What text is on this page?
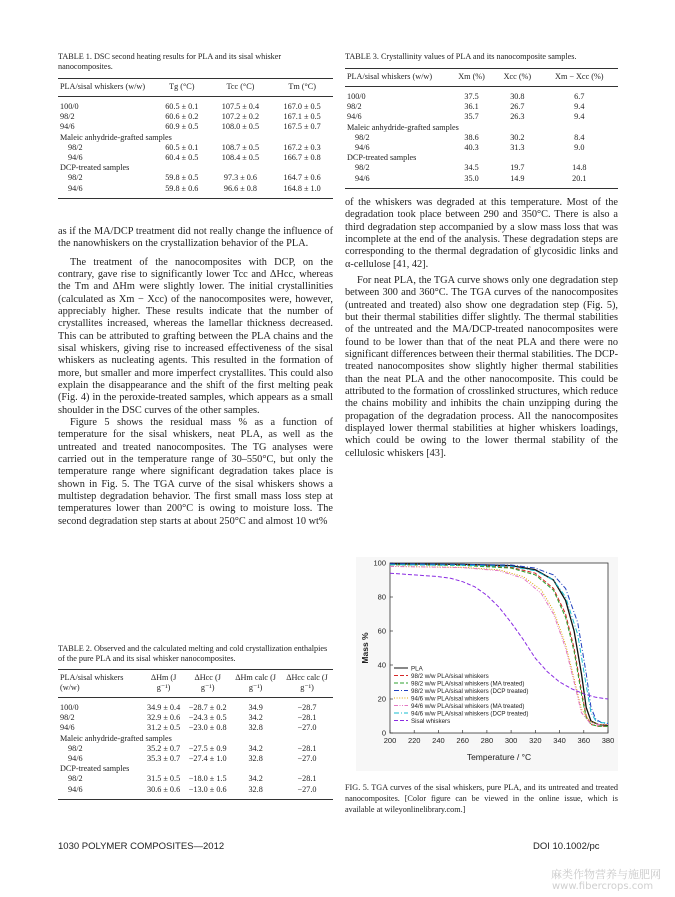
TABLE 1. DSC second heating results for PLA and its sisal whisker nanocomposites.
PLA/sisal whiskers (w/w)	Tg (°C)	Tcc (°C)	Tm (°C)
100/0	60.5 ± 0.1	107.5 ± 0.4	167.0 ± 0.5
98/2	60.6 ± 0.2	107.2 ± 0.2	167.1 ± 0.5
94/6	60.9 ± 0.5	108.0 ± 0.5	167.5 ± 0.7
Maleic anhydride-grafted samples			
98/2	60.5 ± 0.1	108.7 ± 0.5	167.2 ± 0.3
94/6	60.4 ± 0.5	108.4 ± 0.5	166.7 ± 0.8
DCP-treated samples			
98/2	59.8 ± 0.5	97.3 ± 0.6	164.7 ± 0.6
94/6	59.8 ± 0.6	96.6 ± 0.8	164.8 ± 1.0

as if the MA/DCP treatment did not really change the influence of the nanowhiskers on the crystallization behavior of the PLA.

The treatment of the nanocomposites with DCP, on the contrary, gave rise to significantly lower Tcc and ΔHcc, whereas the Tm and ΔHm were slightly lower. The initial crystallinities (calculated as Xm − Xcc) of the nanocomposites were, however, appreciably higher. These results indicate that the number of crystallites increased, whereas the lamellar thickness decreased. This can be attributed to grafting between the PLA chains and the sisal whiskers, giving rise to increased effectiveness of the sisal whiskers as nucleating agents. This resulted in the formation of more, but smaller and more imperfect crystallites. This could also explain the disappearance and the shift of the first melting peak (Fig. 4) in the peroxide-treated samples, which appears as a small shoulder in the DSC curves of the other samples.

Figure 5 shows the residual mass % as a function of temperature for the sisal whiskers, neat PLA, as well as the untreated and treated nanocomposites. The TG analyses were carried out in the temperature range of 30–550°C, but only the temperature range where significant degradation takes place is shown in Fig. 5. The TGA curve of the sisal whiskers shows a multistep degradation behavior. The first small mass loss step at temperatures lower than 200°C is owing to moisture loss. The second degradation step starts at about 250°C and almost 10 wt%

TABLE 2. Observed and the calculated melting and cold crystallization enthalpies of the pure PLA and its sisal whisker nanocomposites.
PLA/sisal whiskers (w/w)	ΔHm (J g⁻¹)	ΔHcc (J g⁻¹)	ΔHm calc (J g⁻¹)	ΔHcc calc (J g⁻¹)
100/0	34.9 ± 0.4	−28.7 ± 0.2	34.9	−28.7
98/2	32.9 ± 0.6	−24.3 ± 0.5	34.2	−28.1
94/6	31.2 ± 0.5	−23.0 ± 0.8	32.8	−27.0
Maleic anhydride-grafted samples				
98/2	35.2 ± 0.7	−27.5 ± 0.9	34.2	−28.1
94/6	35.3 ± 0.7	−27.4 ± 1.0	32.8	−27.0
DCP-treated samples				
98/2	31.5 ± 0.5	−18.0 ± 1.5	34.2	−28.1
94/6	30.6 ± 0.6	−13.0 ± 0.6	32.8	−27.0
TABLE 3. Crystallinity values of PLA and its nanocomposite samples.
PLA/sisal whiskers (w/w)	Xm (%)	Xcc (%)	Xm − Xcc (%)
100/0	37.5	30.8	6.7
98/2	36.1	26.7	9.4
94/6	35.7	26.3	9.4
Maleic anhydride-grafted samples			
98/2	38.6	30.2	8.4
94/6	40.3	31.3	9.0
DCP-treated samples			
98/2	34.5	19.7	14.8
94/6	35.0	14.9	20.1

of the whiskers was degraded at this temperature. Most of the degradation took place between 290 and 350°C. There is also a third degradation step accompanied by a slow mass loss that was incomplete at the end of the analysis. These degradation steps are corresponding to the thermal degradation of glycosidic links and α-cellulose [41, 42].

For neat PLA, the TGA curve shows only one degradation step between 300 and 360°C. The TGA curves of the nanocomposites (untreated and treated) also show one degradation step (Fig. 5), but their thermal stabilities differ slightly. The thermal stabilities of the untreated and the MA/DCP-treated nanocomposites were found to be lower than that of the neat PLA and there were no significant differences between their thermal stabilities. The DCP-treated nanocomposites show slightly higher thermal stabilities than the neat PLA and the other nanocomposite. This could be attributed to the formation of crosslinked structures, which reduce the chains mobility and inhibits the chain unzipping during the propagation of the degradation process. All the nanocomposites displayed lower thermal stabilities at higher whiskers loadings, which could be owing to the lower thermal stability of the cellulosic whiskers [43].

200 220 240 260 280 300 320 340 360 380
0
20
40
60
80
100
Temperature / °C
Mass %
PLA
98/2 w/w PLA/sisal whiskers
98/2 w/w PLA/sisal whiskers (MA treated)
98/2 w/w PLA/sisal whiskers (DCP treated)
94/6 w/w PLA/sisal whiskers
94/6 w/w PLA/sisal whiskers (MA treated)
94/6 w/w PLA/sisal whiskers (DCP treated)
Sisal whiskers
FIG. 5. TGA curves of the sisal whiskers, pure PLA, and its untreated and treated nanocomposites. [Color figure can be viewed in the online issue, which is available at wileyonlinelibrary.com.]
1030 POLYMER COMPOSITES—2012	DOI 10.1002/pc
麻类作物营养与施肥网
www.fibercrops.com
